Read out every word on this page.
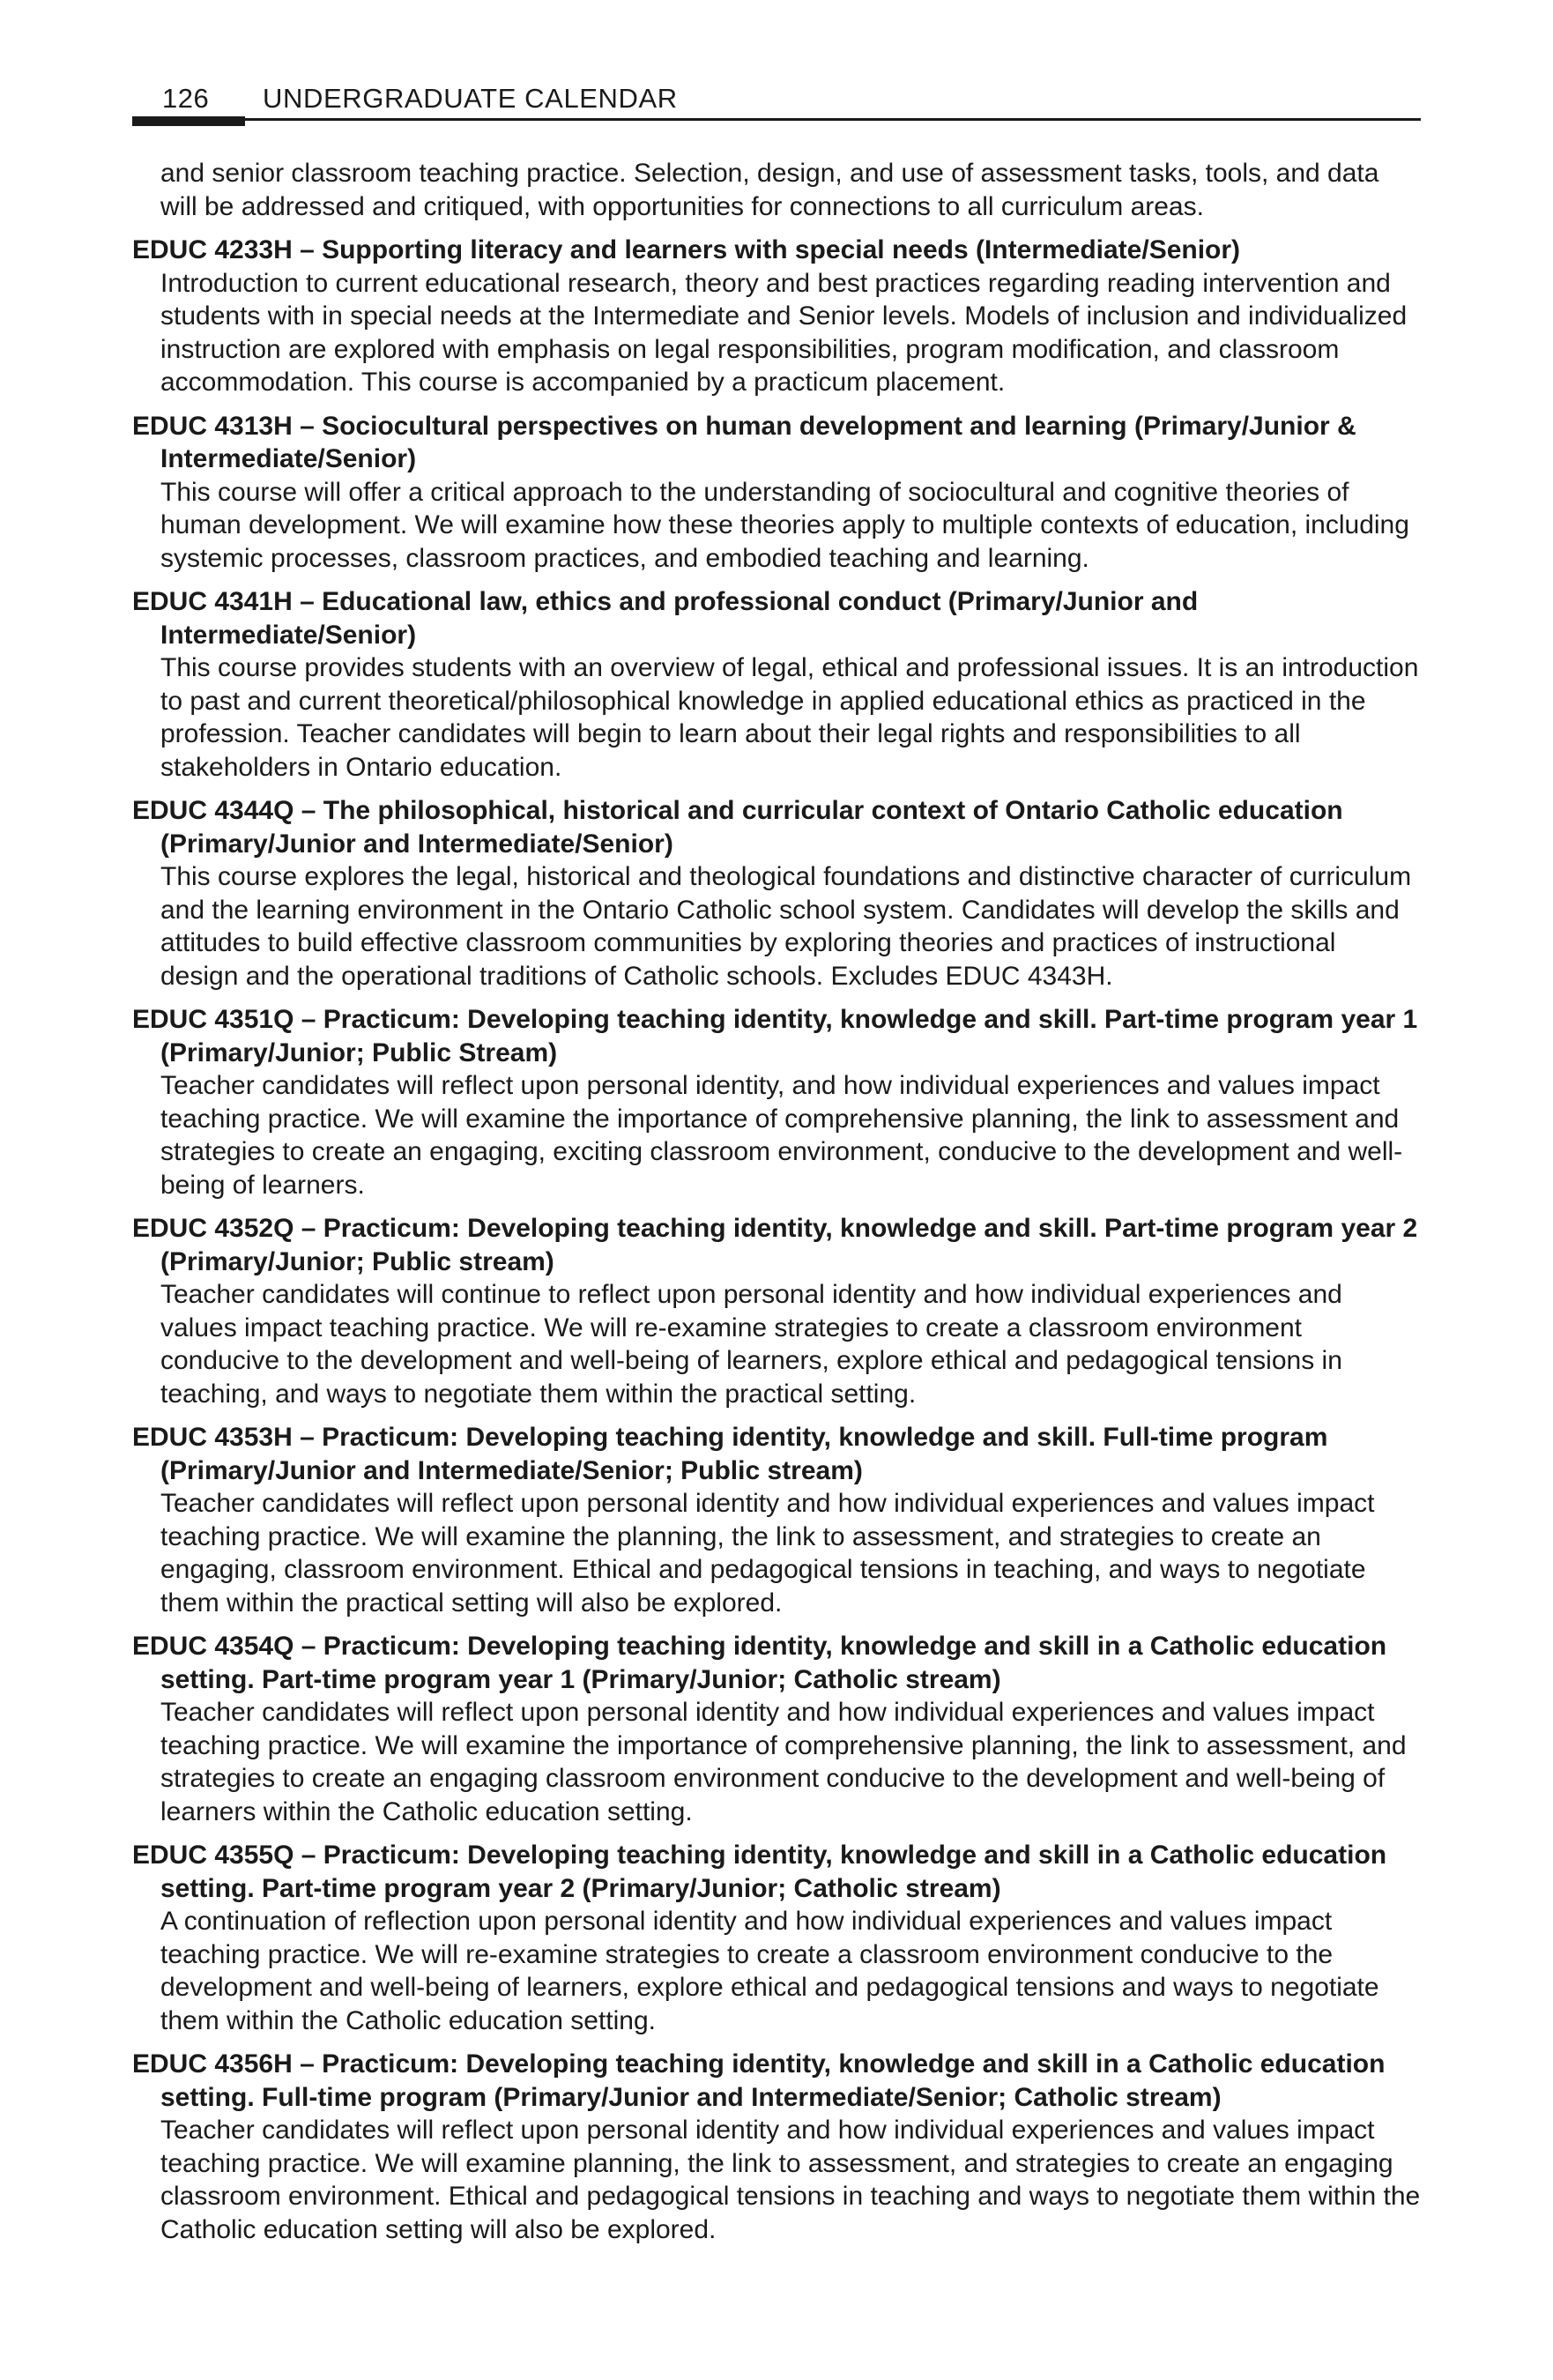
126 UNDERGRADUATE CALENDAR

and senior classroom teaching practice. Selection, design, and use of assessment tasks, tools, and data will be addressed and critiqued, with opportunities for connections to all curriculum areas.

EDUC 4233H – Supporting literacy and learners with special needs (Intermediate/Senior)

Introduction to current educational research, theory and best practices regarding reading intervention and students with in special needs at the Intermediate and Senior levels. Models of inclusion and individualized instruction are explored with emphasis on legal responsibilities, program modification, and classroom accommodation. This course is accompanied by a practicum placement.

EDUC 4313H – Sociocultural perspectives on human development and learning (Primary/Junior & Intermediate/Senior)

This course will offer a critical approach to the understanding of sociocultural and cognitive theories of human development. We will examine how these theories apply to multiple contexts of education, including systemic processes, classroom practices, and embodied teaching and learning.

EDUC 4341H – Educational law, ethics and professional conduct (Primary/Junior and Intermediate/Senior)

This course provides students with an overview of legal, ethical and professional issues. It is an introduction to past and current theoretical/philosophical knowledge in applied educational ethics as practiced in the profession. Teacher candidates will begin to learn about their legal rights and responsibilities to all stakeholders in Ontario education.

EDUC 4344Q – The philosophical, historical and curricular context of Ontario Catholic education (Primary/Junior and Intermediate/Senior)

This course explores the legal, historical and theological foundations and distinctive character of curriculum and the learning environment in the Ontario Catholic school system. Candidates will develop the skills and attitudes to build effective classroom communities by exploring theories and practices of instructional design and the operational traditions of Catholic schools. Excludes EDUC 4343H.

EDUC 4351Q – Practicum: Developing teaching identity, knowledge and skill. Part-time program year 1 (Primary/Junior; Public Stream)

Teacher candidates will reflect upon personal identity, and how individual experiences and values impact teaching practice. We will examine the importance of comprehensive planning, the link to assessment and strategies to create an engaging, exciting classroom environment, conducive to the development and well-being of learners.

EDUC 4352Q – Practicum: Developing teaching identity, knowledge and skill. Part-time program year 2 (Primary/Junior; Public stream)

Teacher candidates will continue to reflect upon personal identity and how individual experiences and values impact teaching practice. We will re-examine strategies to create a classroom environment conducive to the development and well-being of learners, explore ethical and pedagogical tensions in teaching, and ways to negotiate them within the practical setting.

EDUC 4353H – Practicum: Developing teaching identity, knowledge and skill. Full-time program (Primary/Junior and Intermediate/Senior; Public stream)

Teacher candidates will reflect upon personal identity and how individual experiences and values impact teaching practice. We will examine the planning, the link to assessment, and strategies to create an engaging, classroom environment. Ethical and pedagogical tensions in teaching, and ways to negotiate them within the practical setting will also be explored.

EDUC 4354Q – Practicum: Developing teaching identity, knowledge and skill in a Catholic education setting. Part-time program year 1 (Primary/Junior; Catholic stream)

Teacher candidates will reflect upon personal identity and how individual experiences and values impact teaching practice. We will examine the importance of comprehensive planning, the link to assessment, and strategies to create an engaging classroom environment conducive to the development and well-being of learners within the Catholic education setting.

EDUC 4355Q – Practicum: Developing teaching identity, knowledge and skill in a Catholic education setting. Part-time program year 2 (Primary/Junior; Catholic stream)

A continuation of reflection upon personal identity and how individual experiences and values impact teaching practice. We will re-examine strategies to create a classroom environment conducive to the development and well-being of learners, explore ethical and pedagogical tensions and ways to negotiate them within the Catholic education setting.

EDUC 4356H – Practicum: Developing teaching identity, knowledge and skill in a Catholic education setting. Full-time program (Primary/Junior and Intermediate/Senior; Catholic stream)

Teacher candidates will reflect upon personal identity and how individual experiences and values impact teaching practice. We will examine planning, the link to assessment, and strategies to create an engaging classroom environment. Ethical and pedagogical tensions in teaching and ways to negotiate them within the Catholic education setting will also be explored.
